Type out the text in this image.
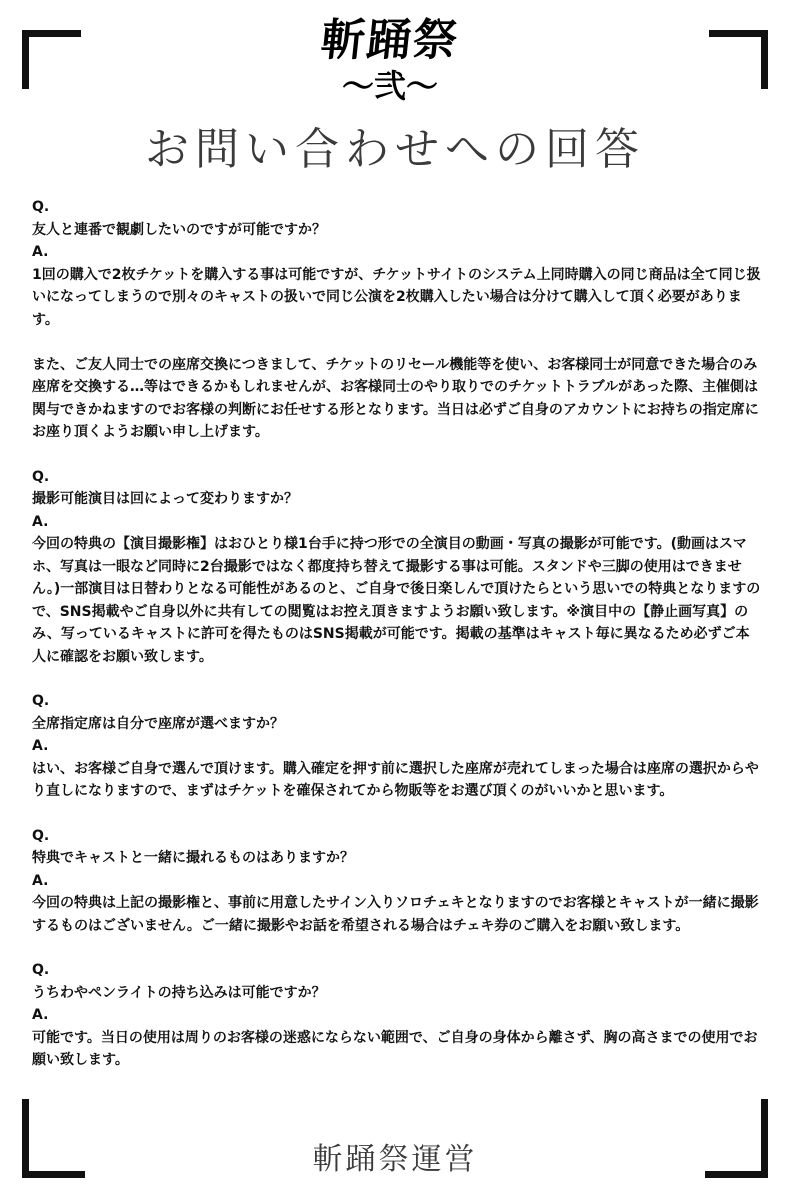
斬踊祭
〜弐〜
お問い合わせへの回答

Q.

友人と連番で観劇したいのですが可能ですか？

A.

1回の購入で2枚チケットを購入する事は可能ですが、チケットサイトのシステム上同時購入の同じ商品は全て同じ扱いになってしまうので別々のキャストの扱いで同じ公演を2枚購入したい場合は分けて購入して頂く必要があります。
また、ご友人同士での座席交換につきまして、チケットのリセール機能等を使い、お客様同士が同意できた場合のみ座席を交換する…等はできるかもしれませんが、お客様同士のやり取りでのチケットトラブルがあった際、主催側は関与できかねますのでお客様の判断にお任せする形となります。当日は必ずご自身のアカウントにお持ちの指定席にお座り頂くようお願い申し上げます。

Q.

撮影可能演目は回によって変わりますか？

A.

今回の特典の【演目撮影権】はおひとり様1台手に持つ形での全演目の動画・写真の撮影が可能です。(動画はスマホ、写真は一眼など同時に2台撮影ではなく都度持ち替えて撮影する事は可能。スタンドや三脚の使用はできません。)一部演目は日替わりとなる可能性があるのと、ご自身で後日楽しんで頂けたらという思いでの特典となりますので、SNS掲載やご自身以外に共有しての閲覧はお控え頂きますようお願い致します。※演目中の【静止画写真】のみ、写っているキャストに許可を得たものはSNS掲載が可能です。掲載の基準はキャスト毎に異なるため必ずご本人に確認をお願い致します。

Q.

全席指定席は自分で座席が選べますか？

A.

はい、お客様ご自身で選んで頂けます。購入確定を押す前に選択した座席が売れてしまった場合は座席の選択からやり直しになりますので、まずはチケットを確保されてから物販等をお選び頂くのがいいかと思います。

Q.

特典でキャストと一緒に撮れるものはありますか？

A.

今回の特典は上記の撮影権と、事前に用意したサイン入りソロチェキとなりますのでお客様とキャストが一緒に撮影するものはございません。ご一緒に撮影やお話を希望される場合はチェキ券のご購入をお願い致します。

Q.

うちわやペンライトの持ち込みは可能ですか？

A.

可能です。当日の使用は周りのお客様の迷惑にならない範囲で、ご自身の身体から離さず、胸の高さまでの使用でお願い致します。
斬踊祭運営
